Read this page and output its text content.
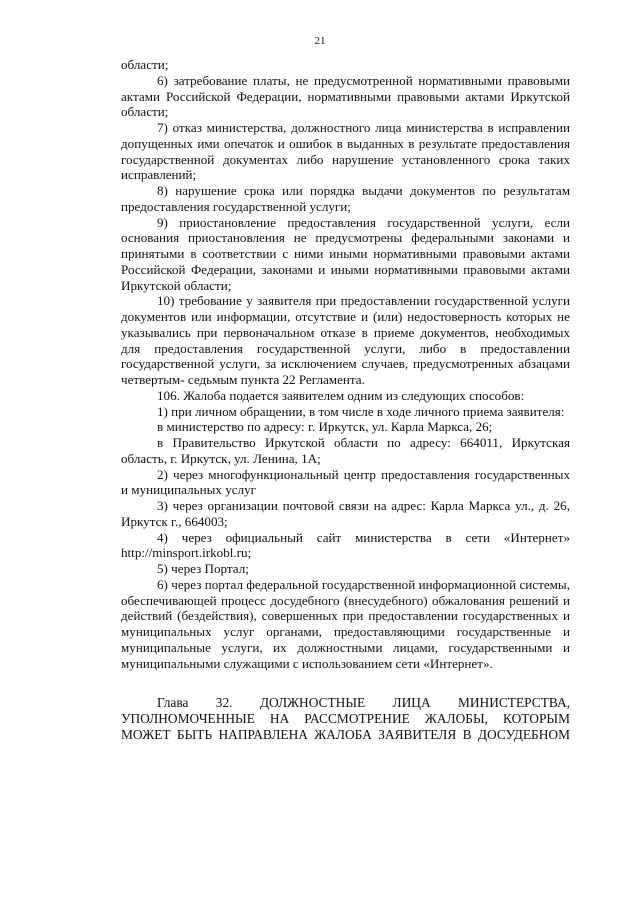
21

области;

6) затребование платы, не предусмотренной нормативными правовыми актами Российской Федерации, нормативными правовыми актами Иркутской области;

7) отказ министерства, должностного лица министерства в исправлении допущенных ими опечаток и ошибок в выданных в результате предоставления государственной документах либо нарушение установленного срока таких исправлений;

8) нарушение срока или порядка выдачи документов по результатам предоставления государственной услуги;

9) приостановление предоставления государственной услуги, если основания приостановления не предусмотрены федеральными законами и принятыми в соответствии с ними иными нормативными правовыми актами Российской Федерации, законами и иными нормативными правовыми актами Иркутской области;

10) требование у заявителя при предоставлении государственной услуги документов или информации, отсутствие и (или) недостоверность которых не указывались при первоначальном отказе в приеме документов, необходимых для предоставления государственной услуги, либо в предоставлении государственной услуги, за исключением случаев, предусмотренных абзацами четвертым- седьмым пункта 22 Регламента.

106. Жалоба подается заявителем одним из следующих способов:

1) при личном обращении, в том числе в ходе личного приема заявителя:

в министерство по адресу: г. Иркутск, ул. Карла Маркса, 26;

в Правительство Иркутской области по адресу: 664011, Иркутская область, г. Иркутск, ул. Ленина, 1А;

2) через многофункциональный центр предоставления государственных и муниципальных услуг

3) через организации почтовой связи на адрес: Карла Маркса ул., д. 26, Иркутск г., 664003;

4) через официальный сайт министерства в сети «Интернет» http://minsport.irkobl.ru;

5) через Портал;

6) через портал федеральной государственной информационной системы, обеспечивающей процесс досудебного (внесудебного) обжалования решений и действий (бездействия), совершенных при предоставлении государственных и муниципальных услуг органами, предоставляющими государственные и муниципальные услуги, их должностными лицами, государственными и муниципальными служащими с использованием сети «Интернет».

Глава 32. ДОЛЖНОСТНЫЕ ЛИЦА МИНИСТЕРСТВА, УПОЛНОМОЧЕННЫЕ НА РАССМОТРЕНИЕ ЖАЛОБЫ, КОТОРЫМ МОЖЕТ БЫТЬ НАПРАВЛЕНА ЖАЛОБА ЗАЯВИТЕЛЯ В ДОСУДЕБНОМ
